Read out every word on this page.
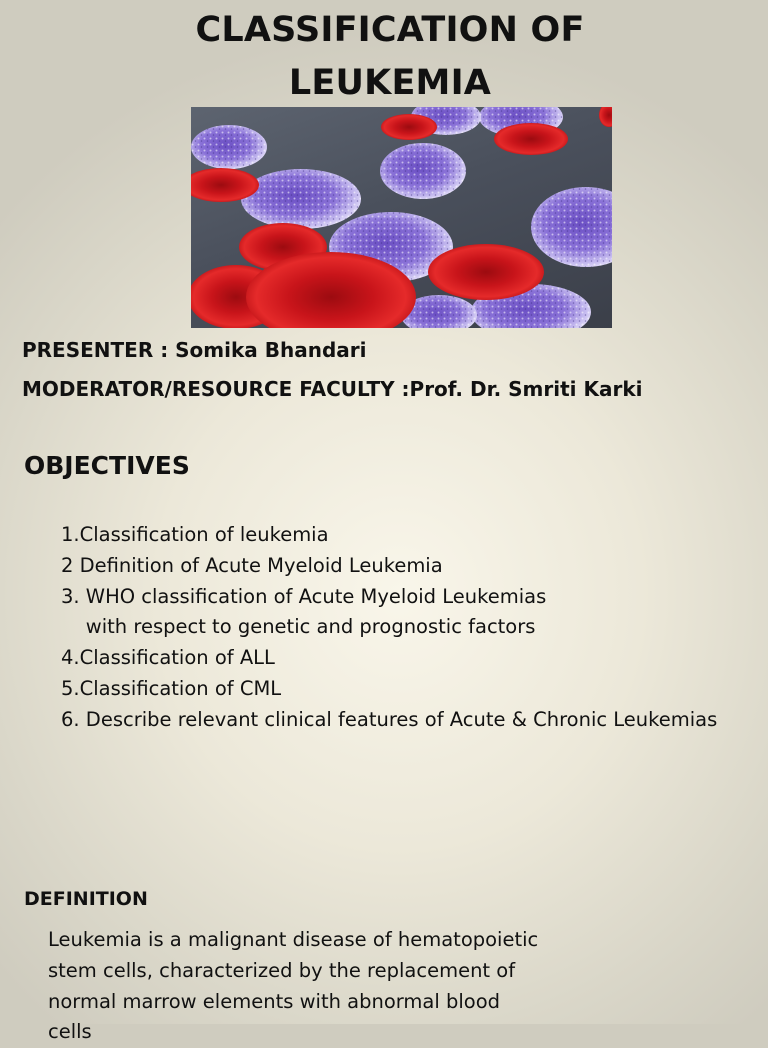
CLASSIFICATION OF
LEUKEMIA
PRESENTER : Somika Bhandari
MODERATOR/RESOURCE FACULTY :Prof. Dr. Smriti Karki
OBJECTIVES
1.Classification of leukemia
2 Definition of Acute Myeloid Leukemia
3. WHO classification of Acute Myeloid Leukemias
with respect to genetic and prognostic factors
4.Classification of ALL
5.Classification of CML
6. Describe relevant clinical features of Acute & Chronic Leukemias
DEFINITION
Leukemia is a malignant disease of hematopoietic
stem cells, characterized by the replacement of
normal marrow elements with abnormal blood
cells
